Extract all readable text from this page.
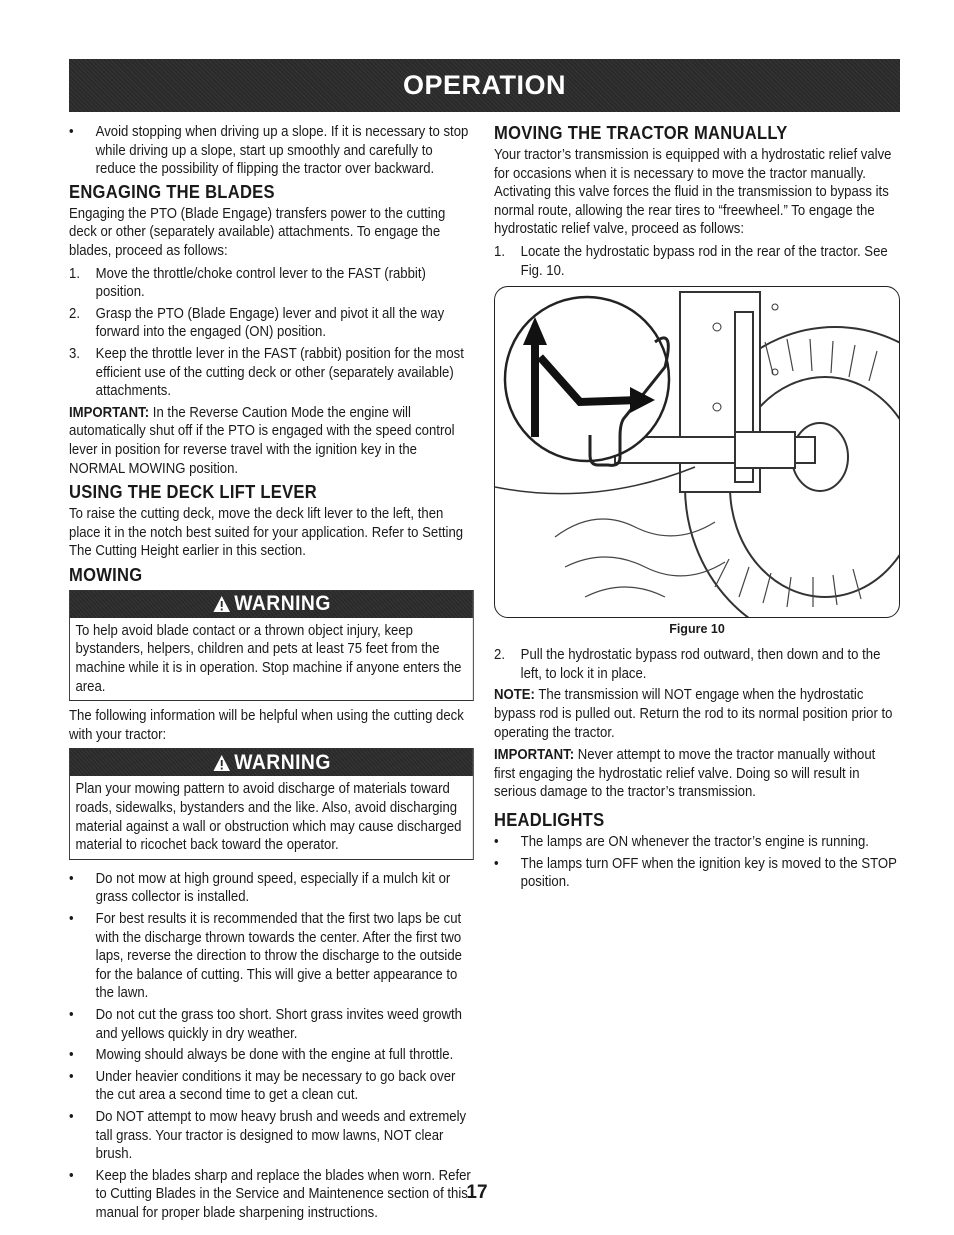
OPERATION
• Avoid stopping when driving up a slope. If it is necessary to stop while driving up a slope, start up smoothly and carefully to reduce the possibility of flipping the tractor over backward.
ENGAGING THE BLADES

Engaging the PTO (Blade Engage) transfers power to the cutting deck or other (separately available) attachments. To engage the blades, proceed as follows:

1. Move the throttle/choke control lever to the FAST (rabbit) position.
2. Grasp the PTO (Blade Engage) lever and pivot it all the way forward into the engaged (ON) position.
3. Keep the throttle lever in the FAST (rabbit) position for the most efficient use of the cutting deck or other (separately available) attachments.

IMPORTANT: In the Reverse Caution Mode the engine will automatically shut off if the PTO is engaged with the speed control lever in position for reverse travel with the ignition key in the NORMAL MOWING position.

USING THE DECK LIFT LEVER

To raise the cutting deck, move the deck lift lever to the left, then place it in the notch best suited for your application. Refer to Setting The Cutting Height earlier in this section.

MOWING
WARNING
To help avoid blade contact or a thrown object injury, keep bystanders, helpers, children and pets at least 75 feet from the machine while it is in operation. Stop machine if anyone enters the area.

The following information will be helpful when using the cutting deck with your tractor:

WARNING
Plan your mowing pattern to avoid discharge of materials toward roads, sidewalks, bystanders and the like. Also, avoid discharging material against a wall or obstruction which may cause discharged material to ricochet back toward the operator.
• Do not mow at high ground speed, especially if a mulch kit or grass collector is installed.
• For best results it is recommended that the first two laps be cut with the discharge thrown towards the center. After the first two laps, reverse the direction to throw the discharge to the outside for the balance of cutting. This will give a better appearance to the lawn.
• Do not cut the grass too short. Short grass invites weed growth and yellows quickly in dry weather.
• Mowing should always be done with the engine at full throttle.
• Under heavier conditions it may be necessary to go back over the cut area a second time to get a clean cut.
• Do NOT attempt to mow heavy brush and weeds and extremely tall grass. Your tractor is designed to mow lawns, NOT clear brush.
• Keep the blades sharp and replace the blades when worn. Refer to Cutting Blades in the Service and Maintenence section of this manual for proper blade sharpening instructions.
MOVING THE TRACTOR MANUALLY

Your tractor’s transmission is equipped with a hydrostatic relief valve for occasions when it is necessary to move the tractor manually. Activating this valve forces the fluid in the transmission to bypass its normal route, allowing the rear tires to “freewheel.” To engage the hydrostatic relief valve, proceed as follows:

1. Locate the hydrostatic bypass rod in the rear of the tractor. See Fig. 10.
Figure 10
2. Pull the hydrostatic bypass rod outward, then down and to the left, to lock it in place.

NOTE: The transmission will NOT engage when the hydrostatic bypass rod is pulled out. Return the rod to its normal position prior to operating the tractor.

IMPORTANT: Never attempt to move the tractor manually without first engaging the hydrostatic relief valve. Doing so will result in serious damage to the tractor’s transmission.

HEADLIGHTS
• The lamps are ON whenever the tractor’s engine is running.
• The lamps turn OFF when the ignition key is moved to the STOP position.
17
